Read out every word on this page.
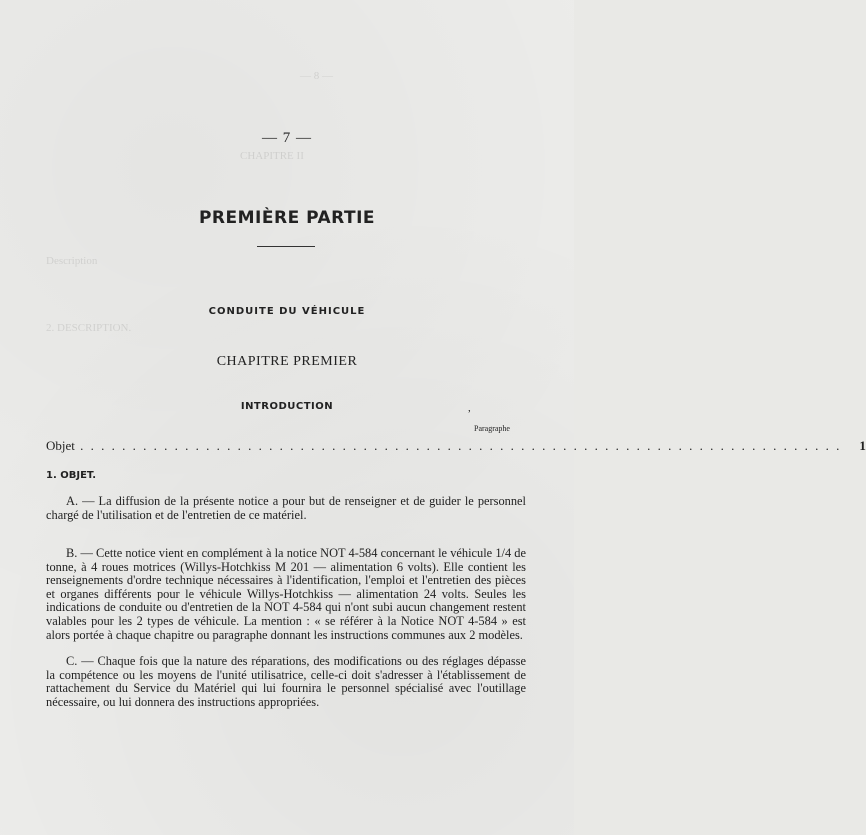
— 8 —
CHAPITRE II
Description
2. DESCRIPTION.
— 7 —
PREMIÈRE PARTIE
CONDUITE DU VÉHICULE
CHAPITRE PREMIER
INTRODUCTION	,
Paragraphe
Objet . . . . . . . . . . . . . . . . . . . . . . . . . . . . . . . . . . . . . . . . . . . . . . . . . . . . . . . . . . . . . . . . . . . . . . . . . 1
1. OBJET.
A. — La diffusion de la présente notice a pour but de renseigner et de guider le personnel chargé de l'utilisation et de l'entretien de ce matériel.
B. — Cette notice vient en complément à la notice NOT 4-584 concernant le véhicule 1/4 de tonne, à 4 roues motrices (Willys-Hotchkiss M 201 — alimentation 6 volts). Elle contient les renseignements d'ordre technique nécessaires à l'identification, l'emploi et l'entretien des pièces et organes différents pour le véhicule Willys-Hotchkiss — alimentation 24 volts. Seules les indications de conduite ou d'entretien de la NOT 4-584 qui n'ont subi aucun changement restent valables pour les 2 types de véhicule. La mention : « se référer à la Notice NOT 4-584 » est alors portée à chaque chapitre ou paragraphe donnant les instructions communes aux 2 modèles.
C. — Chaque fois que la nature des réparations, des modifications ou des réglages dépasse la compétence ou les moyens de l'unité utilisatrice, celle-ci doit s'adresser à l'établissement de rattachement du Service du Matériel qui lui fournira le personnel spécialisé avec l'outillage nécessaire, ou lui donnera des instructions appropriées.
